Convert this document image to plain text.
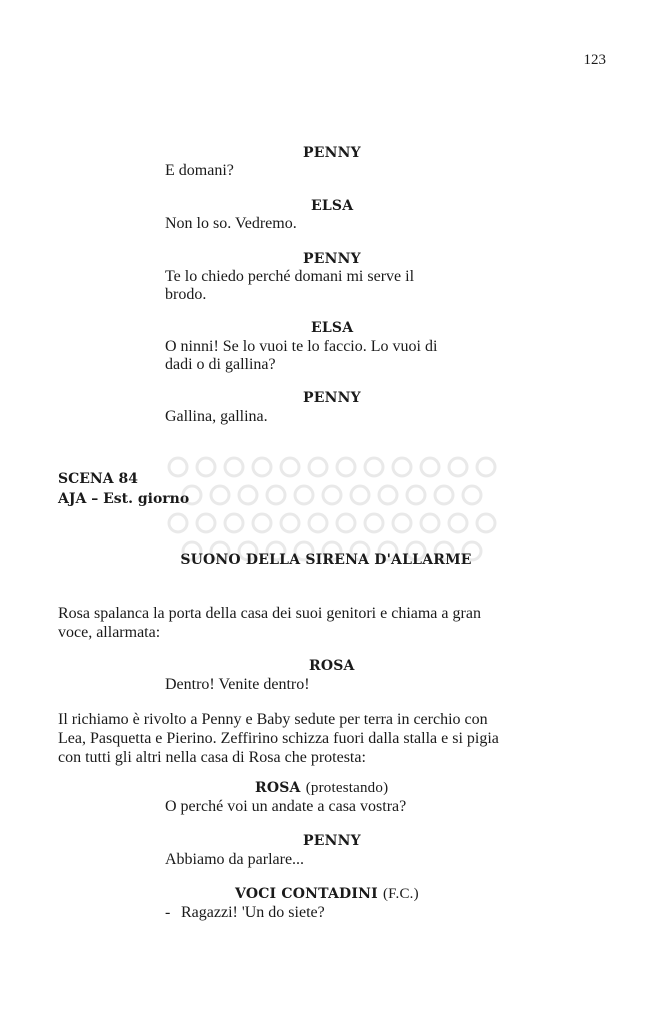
123
PENNY
E domani?
ELSA
Non lo so. Vedremo.
PENNY
Te lo chiedo perché domani mi serve il
brodo.
ELSA
O ninni! Se lo vuoi te lo faccio. Lo vuoi di
dadi o di gallina?
PENNY
Gallina, gallina.
SCENA 84
AJA – Est. giorno
SUONO DELLA SIRENA D'ALLARME
Rosa spalanca la porta della casa dei suoi genitori e chiama a gran
voce, allarmata:
ROSA
Dentro! Venite dentro!
Il richiamo è rivolto a Penny e Baby sedute per terra in cerchio con
Lea, Pasquetta e Pierino. Zeffirino schizza fuori dalla stalla e si pigia
con tutti gli altri nella casa di Rosa che protesta:
ROSA (protestando)
O perché voi un andate a casa vostra?
PENNY
Abbiamo da parlare...
VOCI CONTADINI (F.C.)
- Ragazzi! 'Un do siete?
